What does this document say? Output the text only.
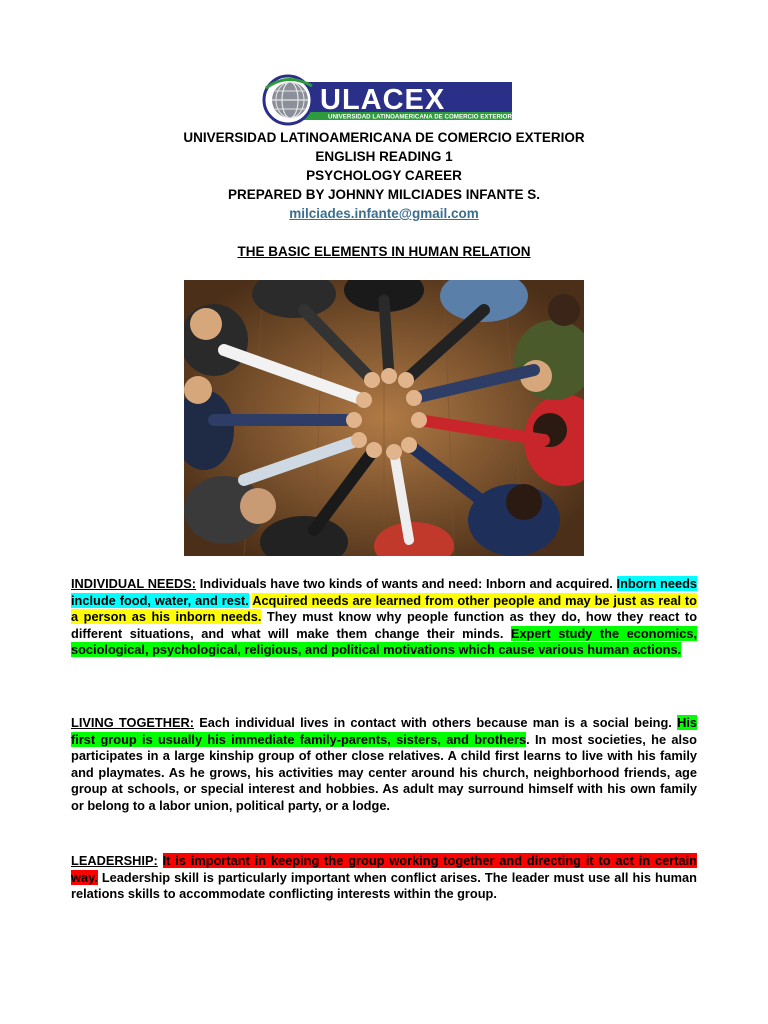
ULACEX
UNIVERSIDAD LATINOAMERICANA DE COMERCIO EXTERIOR
UNIVERSIDAD LATINOAMERICANA DE COMERCIO EXTERIOR
ENGLISH READING 1
PSYCHOLOGY CAREER
PREPARED BY JOHNNY MILCIADES INFANTE S.
milciades.infante@gmail.com
THE BASIC ELEMENTS IN HUMAN RELATION
INDIVIDUAL NEEDS: Individuals have two kinds of wants and need: Inborn and acquired. Inborn needs include food, water, and rest. Acquired needs are learned from other people and may be just as real to a person as his inborn needs. They must know why people function as they do, how they react to different situations, and what will make them change their minds. Expert study the economics, sociological, psychological, religious, and political motivations which cause various human actions.
LIVING TOGETHER: Each individual lives in contact with others because man is a social being. His first group is usually his immediate family-parents, sisters, and brothers. In most societies, he also participates in a large kinship group of other close relatives. A child first learns to live with his family and playmates. As he grows, his activities may center around his church, neighborhood friends, age group at schools, or special interest and hobbies. As adult may surround himself with his own family or belong to a labor union, political party, or a lodge.
LEADERSHIP: It is important in keeping the group working together and directing it to act in certain way. Leadership skill is particularly important when conflict arises. The leader must use all his human relations skills to accommodate conflicting interests within the group.
